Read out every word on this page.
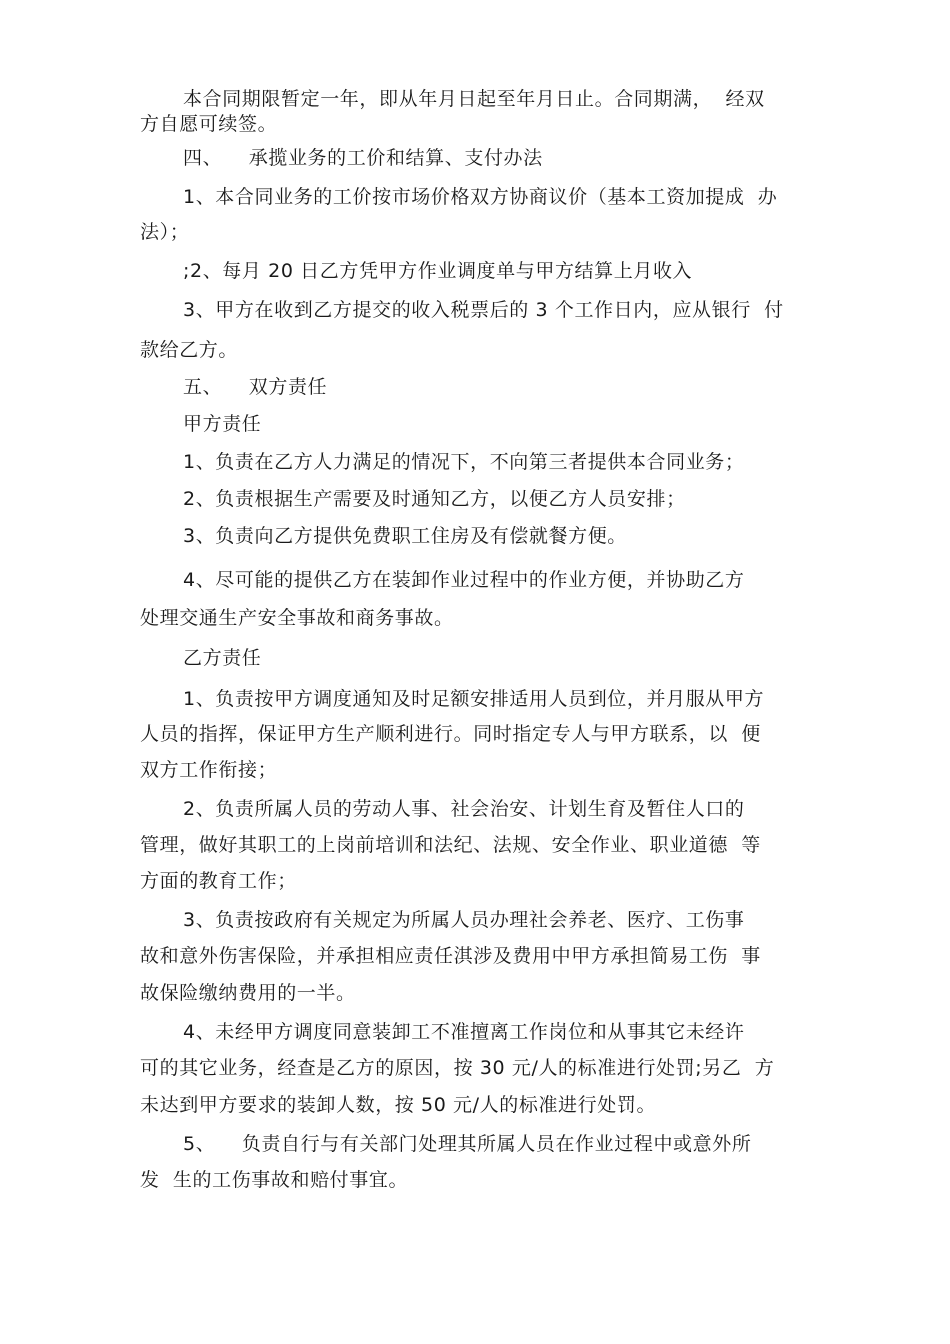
本合同期限暂定一年，即从年月日起至年月日止。合同期满，  经双
方自愿可续签。
四、    承揽业务的工价和结算、支付办法
1、本合同业务的工价按市场价格双方协商议价（基本工资加提成  办
法）；
;2、每月 20 日乙方凭甲方作业调度单与甲方结算上月收入
3、甲方在收到乙方提交的收入税票后的 3 个工作日内，应从银行  付
款给乙方。
五、    双方责任
甲方责任
1、负责在乙方人力满足的情况下，不向第三者提供本合同业务；
2、负责根据生产需要及时通知乙方，以便乙方人员安排；
3、负责向乙方提供免费职工住房及有偿就餐方便。
4、尽可能的提供乙方在装卸作业过程中的作业方便，并协助乙方
处理交通生产安全事故和商务事故。
乙方责任
1、负责按甲方调度通知及时足额安排适用人员到位，并月服从甲方
人员的指挥，保证甲方生产顺利进行。同时指定专人与甲方联系，以  便
双方工作衔接；
2、负责所属人员的劳动人事、社会治安、计划生育及暂住人口的
管理，做好其职工的上岗前培训和法纪、法规、安全作业、职业道德  等
方面的教育工作；
3、负责按政府有关规定为所属人员办理社会养老、医疗、工伤事
故和意外伤害保险，并承担相应责任淇涉及费用中甲方承担简易工伤  事
故保险缴纳费用的一半。
4、未经甲方调度同意装卸工不准擅离工作岗位和从事其它未经许
可的其它业务，经查是乙方的原因，按 30 元/人的标准进行处罚;另乙  方
未达到甲方要求的装卸人数，按 50 元/人的标准进行处罚。
5、    负责自行与有关部门处理其所属人员在作业过程中或意外所
发  生的工伤事故和赔付事宜。
